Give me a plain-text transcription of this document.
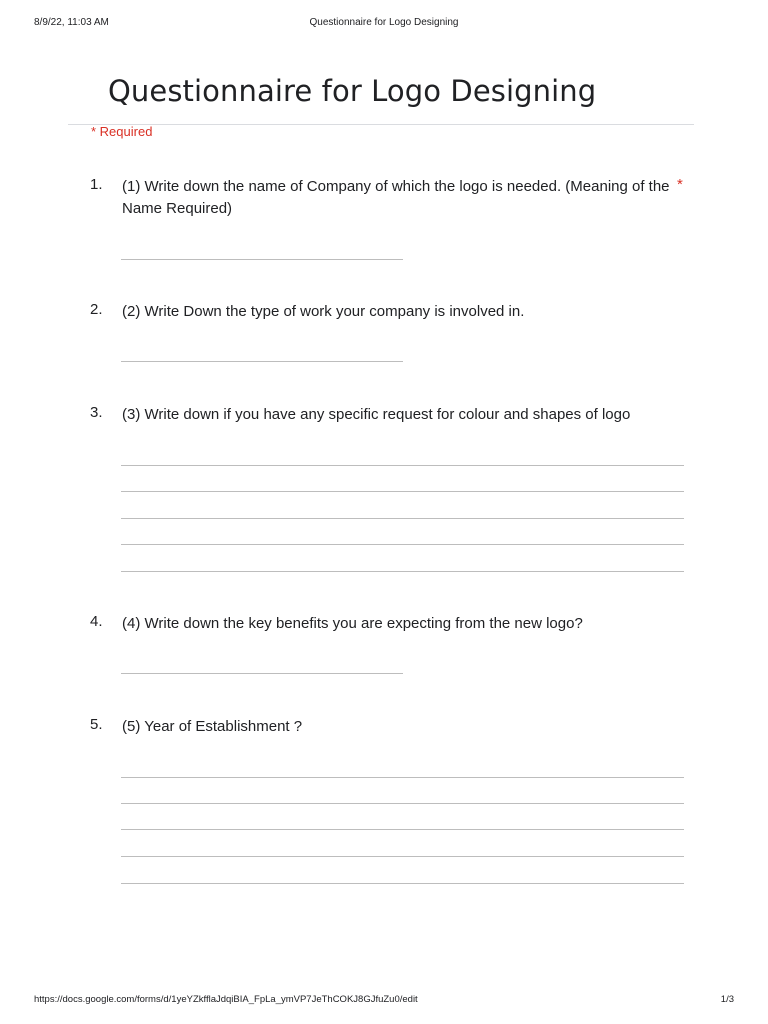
8/9/22, 11:03 AM	Questionnaire for Logo Designing
Questionnaire for Logo Designing
* Required
1. (1) Write down the name of Company of which the logo is needed. (Meaning of the Name Required)
*
2. (2) Write Down the type of work your company is involved in.
3. (3) Write down if you have any specific request for colour and shapes of logo
4. (4) Write down the key benefits you are expecting from the new logo?
5. (5) Year of Establishment ?
https://docs.google.com/forms/d/1yeYZkfflaJdqiBIA_FpLa_ymVP7JeThCOKJ8GJfuZu0/edit	1/3
